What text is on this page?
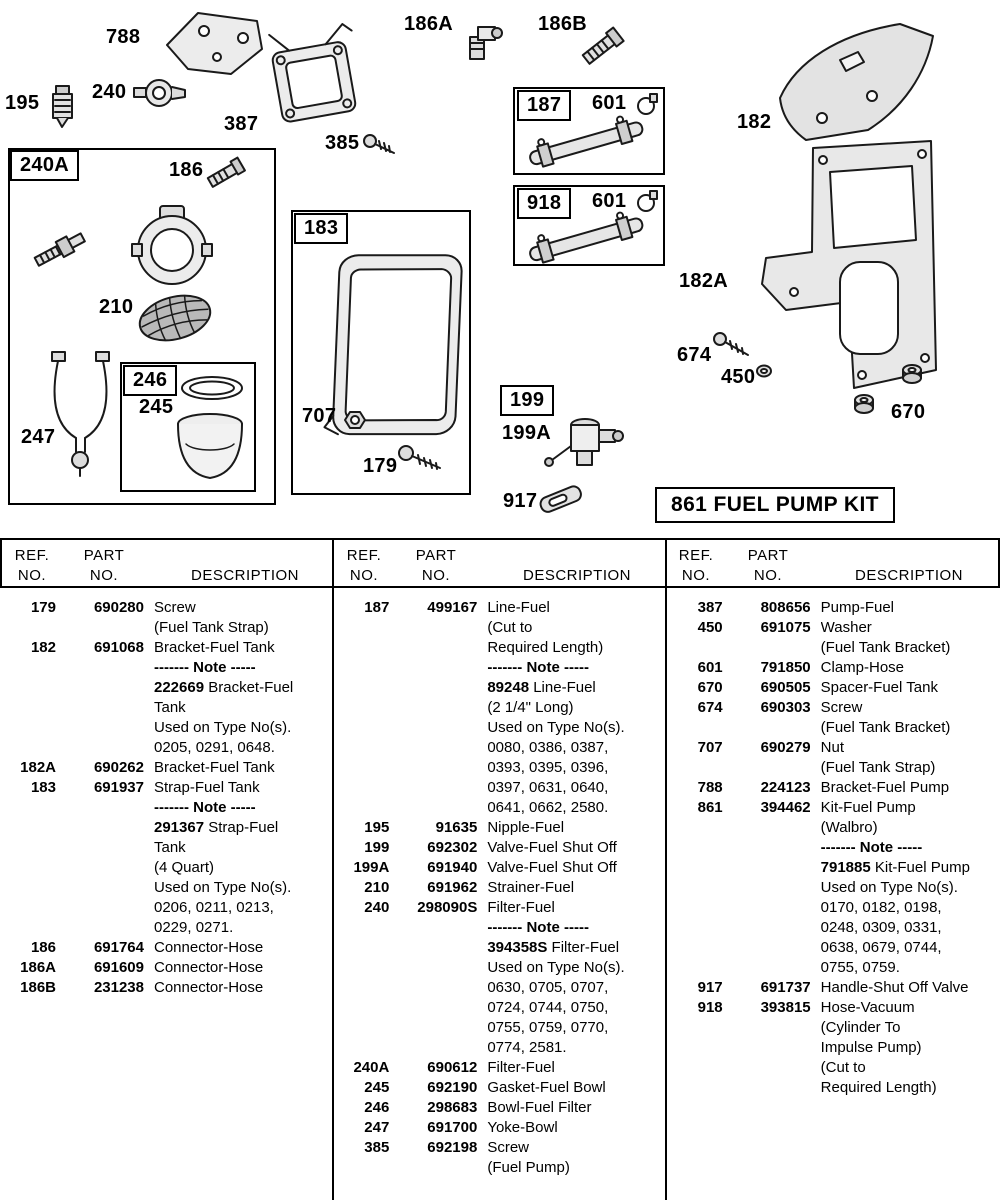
788
240
195
387
385
186A	186B
182
182A
674
450
670
186
210
245
247
707
179
199A
917
601
601
240A
183
187
918
199
246
861 FUEL PUMP KIT
REF.	PART
NO.	NO.	DESCRIPTION
REF.	PART
NO.	NO.	DESCRIPTION
REF.	PART
NO.	NO.	DESCRIPTION
179	690280 Screw
(Fuel Tank Strap)
182	691068 Bracket-Fuel Tank
------- Note -----
222669 Bracket-Fuel
Tank
Used on Type No(s).
0205, 0291, 0648.
182A	690262 Bracket-Fuel Tank
183	691937 Strap-Fuel Tank
------- Note -----
291367 Strap-Fuel
Tank
(4 Quart)
Used on Type No(s).
0206, 0211, 0213,
0229, 0271.
186	691764 Connector-Hose
186A	691609 Connector-Hose
186B	231238 Connector-Hose
187	499167 Line-Fuel
(Cut to
Required Length)
------- Note -----
89248 Line-Fuel
(2 1/4" Long)
Used on Type No(s).
0080, 0386, 0387,
0393, 0395, 0396,
0397, 0631, 0640,
0641, 0662, 2580.
195	91635 Nipple-Fuel
199	692302 Valve-Fuel Shut Off
199A	691940 Valve-Fuel Shut Off
210	691962 Strainer-Fuel
240	298090S Filter-Fuel
------- Note -----
394358S Filter-Fuel
Used on Type No(s).
0630, 0705, 0707,
0724, 0744, 0750,
0755, 0759, 0770,
0774, 2581.
240A	690612 Filter-Fuel
245	692190 Gasket-Fuel Bowl
246	298683 Bowl-Fuel Filter
247	691700 Yoke-Bowl
385	692198 Screw
(Fuel Pump)
387	808656 Pump-Fuel
450	691075 Washer
(Fuel Tank Bracket)
601	791850 Clamp-Hose
670	690505 Spacer-Fuel Tank
674	690303 Screw
(Fuel Tank Bracket)
707	690279 Nut
(Fuel Tank Strap)
788	224123 Bracket-Fuel Pump
861	394462 Kit-Fuel Pump
(Walbro)
------- Note -----
791885 Kit-Fuel Pump
Used on Type No(s).
0170, 0182, 0198,
0248, 0309, 0331,
0638, 0679, 0744,
0755, 0759.
917	691737 Handle-Shut Off Valve
918	393815 Hose-Vacuum
(Cylinder To
Impulse Pump)
(Cut to
Required Length)
